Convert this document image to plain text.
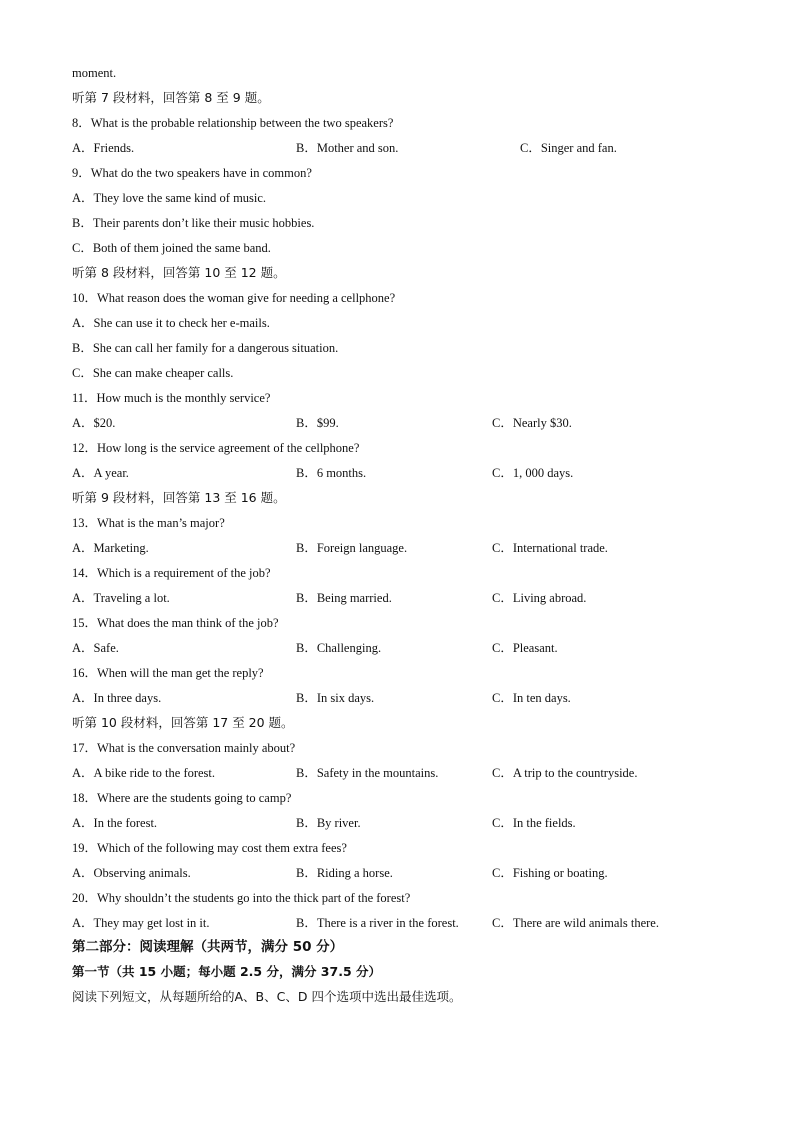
moment.
听第 7 段材料，回答第 8 至 9 题。
8．What is the probable relationship between the two speakers?
A．Friends.	B．Mother and son.	C．Singer and fan.
9．What do the two speakers have in common?
A．They love the same kind of music.
B．Their parents don’t like their music hobbies.
C．Both of them joined the same band.
听第 8 段材料，回答第 10 至 12 题。
10．What reason does the woman give for needing a cellphone?
A．She can use it to check her e-mails.
B．She can call her family for a dangerous situation.
C．She can make cheaper calls.
11．How much is the monthly service?
A．$20.	B．$99.	C．Nearly $30.
12．How long is the service agreement of the cellphone?
A．A year.	B．6 months.	C．1, 000 days.
听第 9 段材料，回答第 13 至 16 题。
13．What is the man’s major?
A．Marketing.	B．Foreign language.	C．International trade.
14．Which is a requirement of the job?
A．Traveling a lot.	B．Being married.	C．Living abroad.
15．What does the man think of the job?
A．Safe.	B．Challenging.	C．Pleasant.
16．When will the man get the reply?
A．In three days.	B．In six days.	C．In ten days.
听第 10 段材料，回答第 17 至 20 题。
17．What is the conversation mainly about?
A．A bike ride to the forest.	B．Safety in the mountains.	C．A trip to the countryside.
18．Where are the students going to camp?
A．In the forest.	B．By river.	C．In the fields.
19．Which of the following may cost them extra fees?
A．Observing animals.	B．Riding a horse.	C．Fishing or boating.
20．Why shouldn’t the students go into the thick part of the forest?
A．They may get lost in it.	B．There is a river in the forest.	C．There are wild animals there.
第二部分：阅读理解（共两节，满分 50 分）
第一节（共 15 小题；每小题 2.5 分，满分 37.5 分）
阅读下列短文，从每题所给的A、B、C、D 四个选项中选出最佳选项。
